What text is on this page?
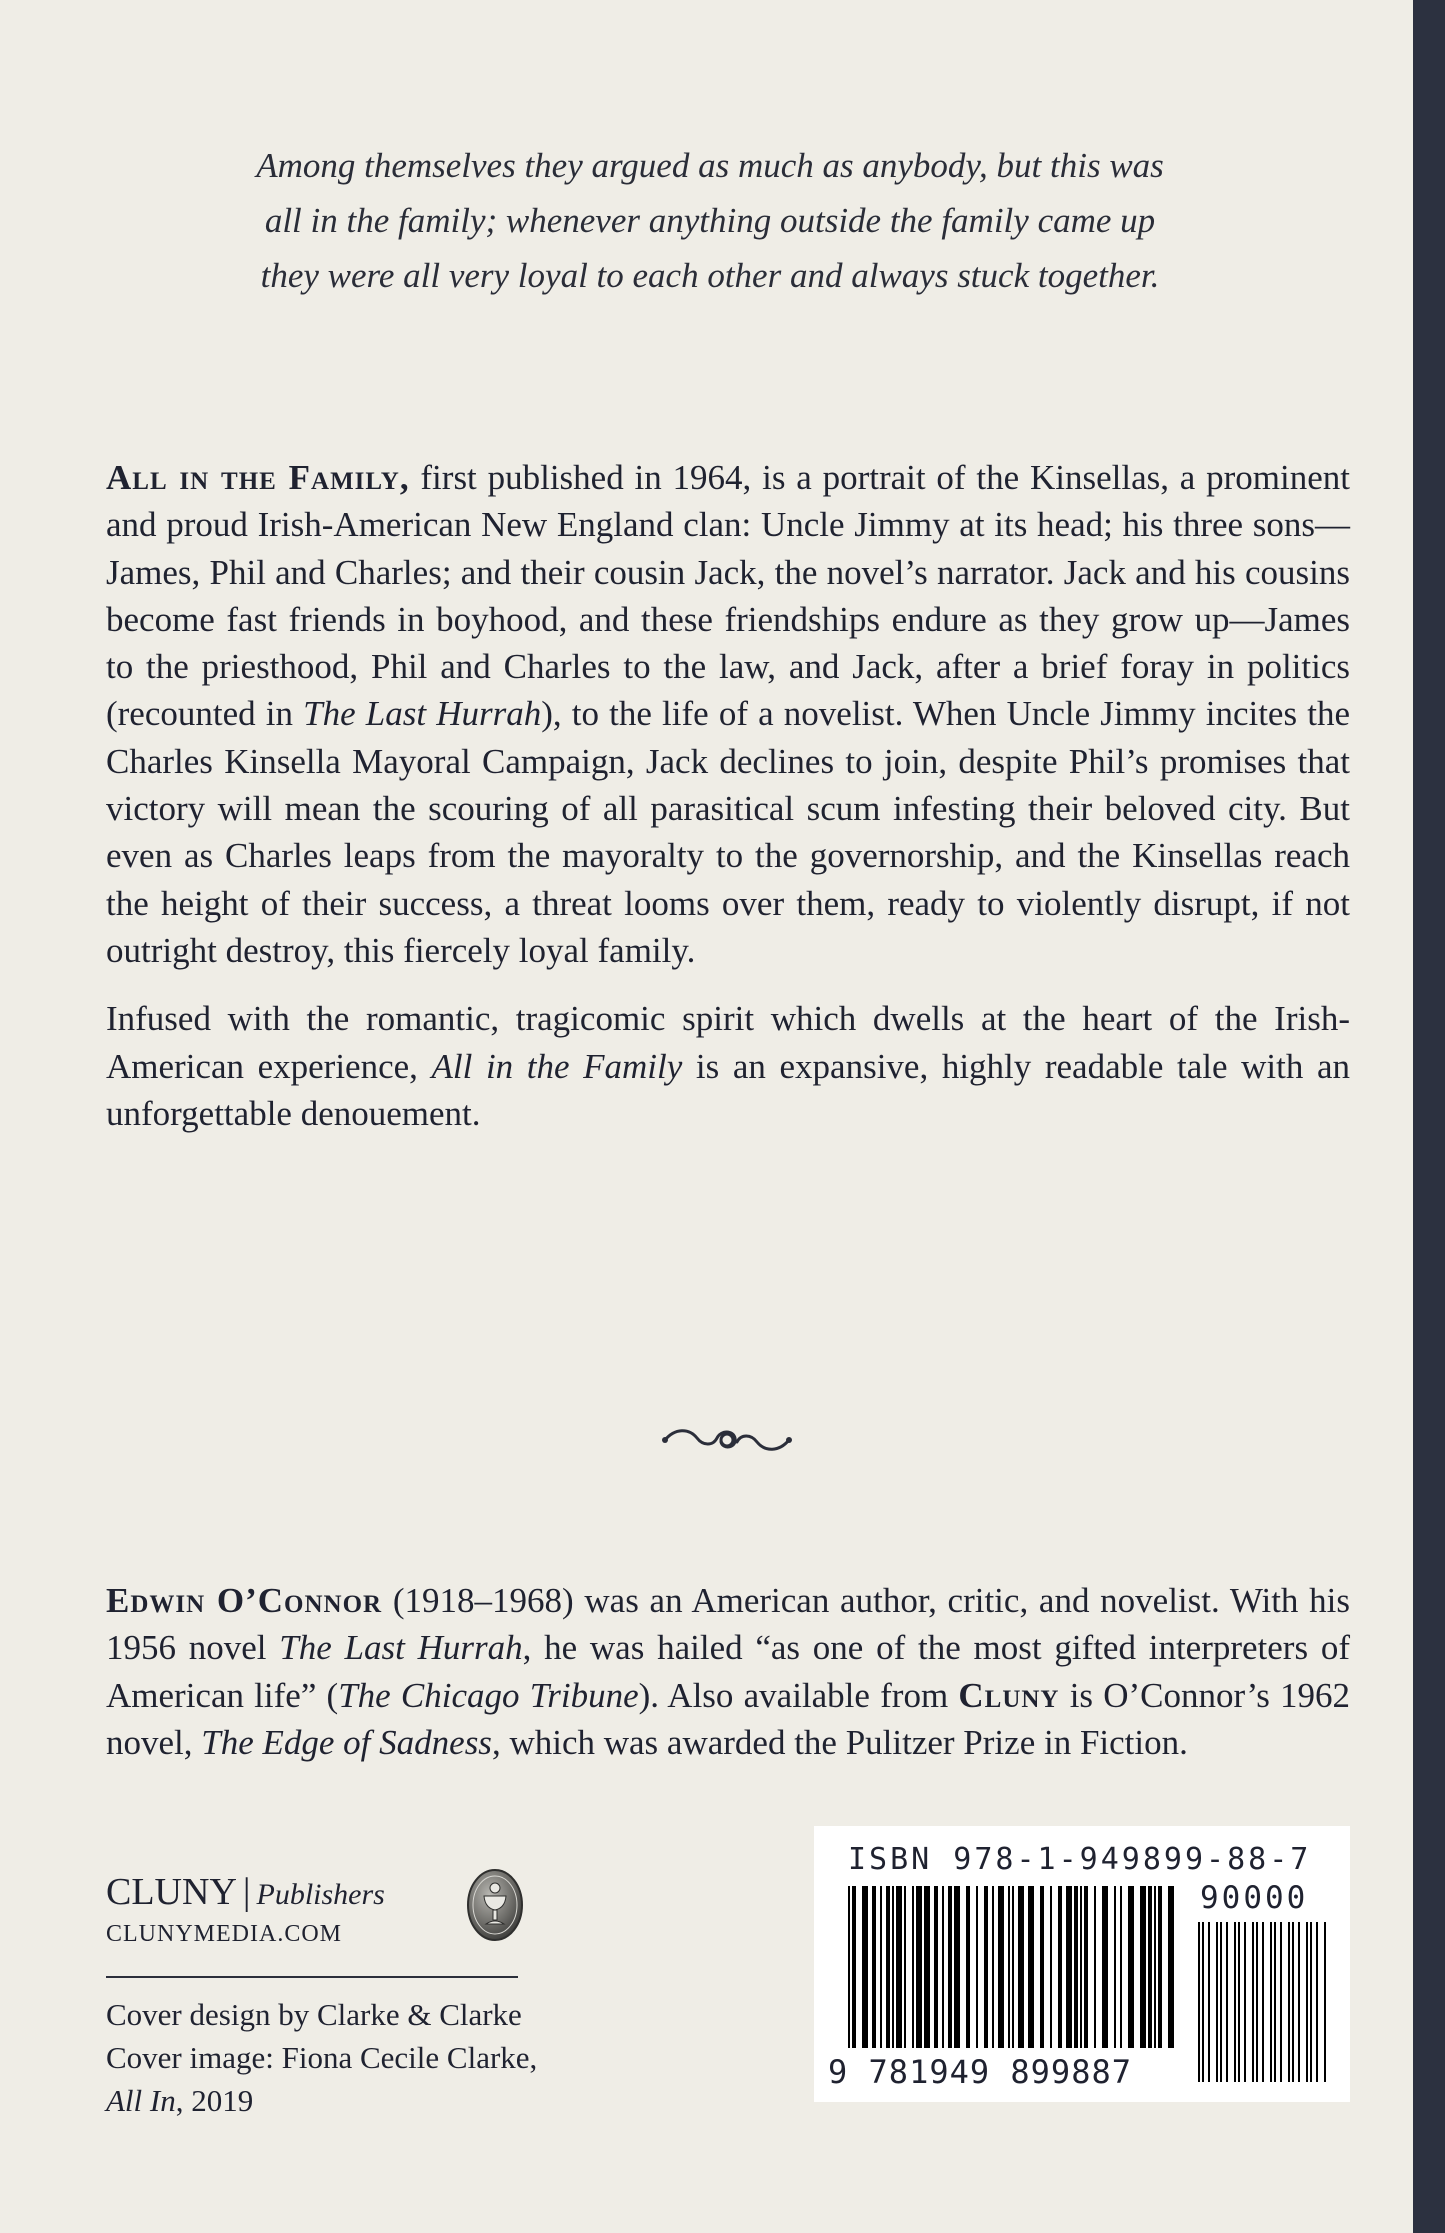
Among themselves they argued as much as anybody, but this was
all in the family; whenever anything outside the family came up
they were all very loyal to each other and always stuck together.

All in the Family, first published in 1964, is a portrait of the Kinsellas, a prominent and proud Irish-American New England clan: Uncle Jimmy at its head; his three sons—James, Phil and Charles; and their cousin Jack, the novel’s narrator. Jack and his cousins become fast friends in boyhood, and these friendships endure as they grow up—James to the priesthood, Phil and Charles to the law, and Jack, after a brief foray in politics (recounted in The Last Hurrah), to the life of a novelist. When Uncle Jimmy incites the Charles Kinsella Mayoral Campaign, Jack declines to join, despite Phil’s promises that victory will mean the scouring of all parasitical scum infesting their beloved city. But even as Charles leaps from the mayoralty to the governorship, and the Kinsellas reach the height of their success, a threat looms over them, ready to violently disrupt, if not outright destroy, this fiercely loyal family.

Infused with the romantic, tragicomic spirit which dwells at the heart of the Irish-American experience, All in the Family is an expansive, highly readable tale with an unforgettable denouement.

Edwin O’Connor (1918–1968) was an American author, critic, and novelist. With his 1956 novel The Last Hurrah, he was hailed “as one of the most gifted interpreters of American life” (The Chicago Tribune). Also available from Cluny is O’Connor’s 1962 novel, The Edge of Sadness, which was awarded the Pulitzer Prize in Fiction.

CLUNY | Publishers
CLUNYMEDIA.COM
Cover design by Clarke & Clarke
Cover image: Fiona Cecile Clarke,
All In, 2019
ISBN 978-1-949899-88-7
90000
9 781949 899887
